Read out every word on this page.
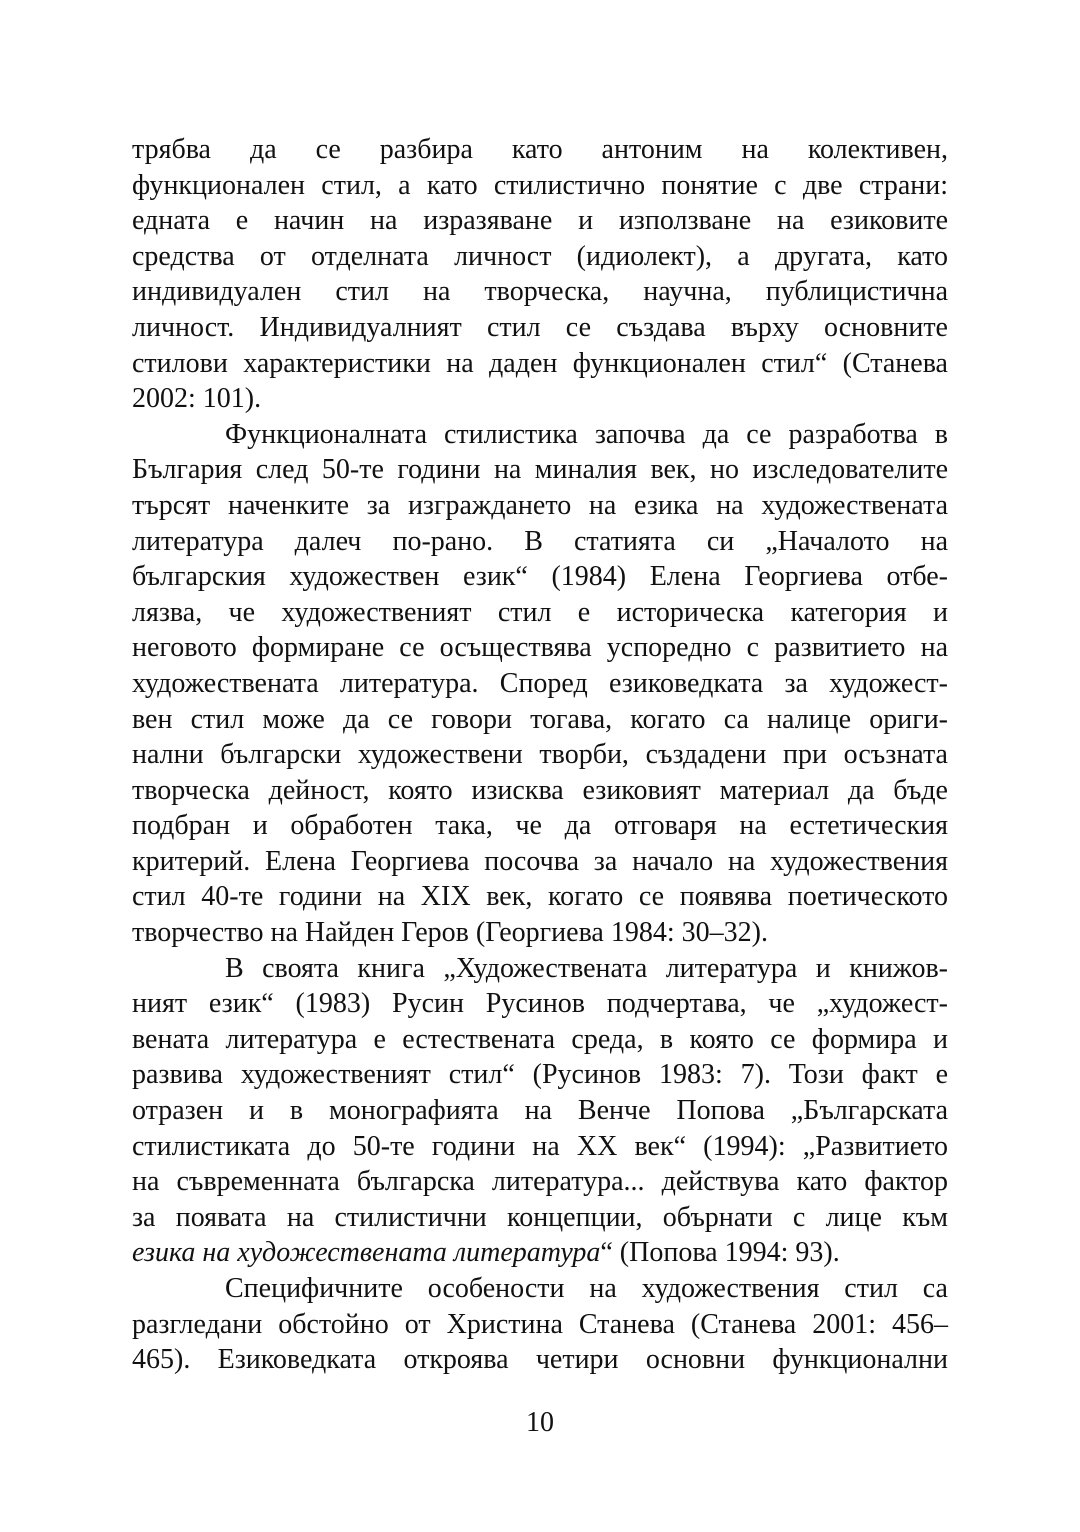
трябва да се разбира като антоним на колективен,
функционален стил, а като стилистично понятие с две страни:
едната е начин на изразяване и използване на езиковите
средства от отделната личност (идиолект), а другата, като
индивидуален стил на творческа, научна, публицистична
личност. Индивидуалният стил се създава върху основните
стилови характеристики на даден функционален стил“ (Станева
2002: 101).
Функционалната стилистика започва да се разработва в
България след 50-те години на миналия век, но изследователите
търсят наченките за изграждането на езика на художествената
литература далеч по-рано. В статията си „Началото на
българския художествен език“ (1984) Елена Георгиева отбе-
лязва, че художественият стил е историческа категория и
неговото формиране се осъществява успоредно с развитието на
художествената литература. Според езиковедката за художест-
вен стил може да се говори тогава, когато са налице ориги-
нални български художествени творби, създадени при осъзната
творческа дейност, която изисква езиковият материал да бъде
подбран и обработен така, че да отговаря на естетическия
критерий. Елена Георгиева посочва за начало на художествения
стил 40-те години на ХІХ век, когато се появява поетическото
творчество на Найден Геров (Георгиева 1984: 30–32).
В своята книга „Художествената литература и книжов-
ният език“ (1983) Русин Русинов подчертава, че „художест-
вената литература е естествената среда, в която се формира и
развива художественият стил“ (Русинов 1983: 7). Този факт е
отразен и в монографията на Венче Попова „Българската
стилистиката до 50-те години на ХХ век“ (1994): „Развитието
на съвременната българска литература... действува като фактор
за появата на стилистични концепции, обърнати с лице към
езика на художествената литература“ (Попова 1994: 93).
Специфичните особености на художествения стил са
разгледани обстойно от Христина Станева (Станева 2001: 456–
465). Езиковедката откроява четири основни функционални
10
